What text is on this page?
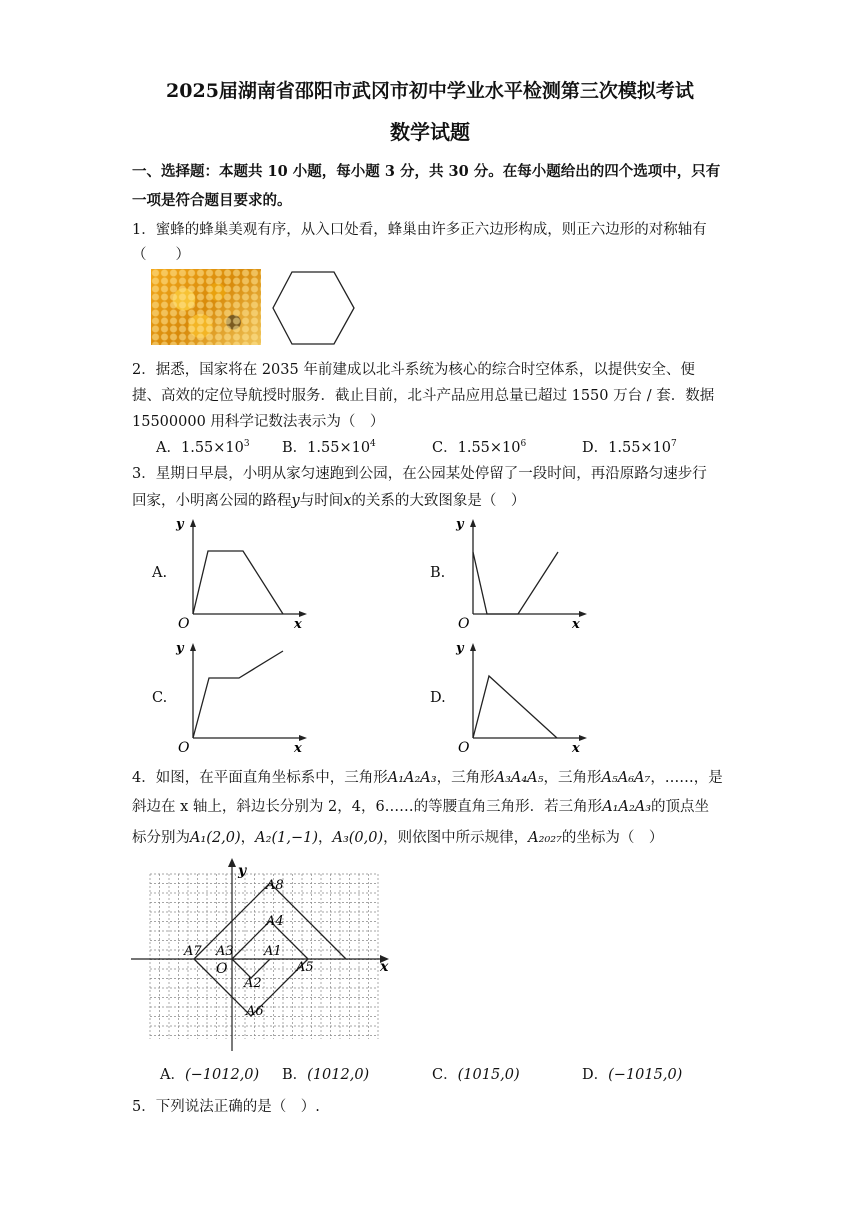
2025届湖南省邵阳市武冈市初中学业水平检测第三次模拟考试
数学试题
一、选择题：本题共 10 小题，每小题 3 分，共 30 分。在每小题给出的四个选项中，只有
一项是符合题目要求的。
1．蜜蜂的蜂巢美观有序，从入口处看，蜂巢由许多正六边形构成，则正六边形的对称轴有
（　　）
2．据悉，国家将在 2035 年前建成以北斗系统为核心的综合时空体系，以提供安全、便
捷、高效的定位导航授时服务．截止目前，北斗产品应用总量已超过 1550 万台 / 套．数据
15500000 用科学记数法表示为（　）
A．$1.55\times 10^3$ B．$1.55\times 10^4$	C．$1.55\times 10^6$	D．$1.55\times 10^7$
3．星期日早晨，小明从家匀速跑到公园，在公园某处停留了一段时间，再沿原路匀速步行
回家，小明离公园的路程y与时间x的关系的大致图象是（　）
A.
y
x
O
B.
y
x
O
C.
y
x
O
D.
y
x
O
4．如图，在平面直角坐标系中，三角形A₁A₂A₃，三角形A₃A₄A₅，三角形A₅A₆A₇，……，是
斜边在 x 轴上，斜边长分别为 2，4，6……的等腰直角三角形．若三角形A₁A₂A₃的顶点坐
标分别为A₁(2,0)，A₂(1,−1)，A₃(0,0)，则依图中所示规律，A₂₀₂₇的坐标为（　）
y
x
O
A1
A2
A3
A4
A5
A6
A7
A8
A．(−1012,0) B．(1012,0)	C．(1015,0)	D．(−1015,0)
5．下列说法正确的是（　）.
